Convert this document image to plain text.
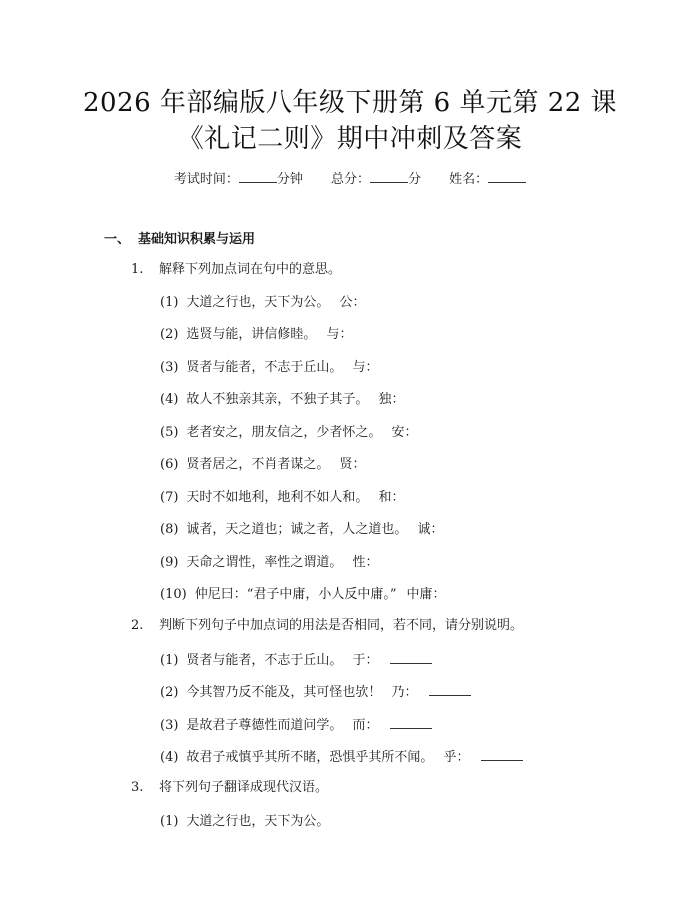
2026 年部编版八年级下册第 6 单元第 22 课
《礼记二则》期中冲刺及答案
考试时间：	分钟 总分：	分 姓名：
一、 基础知识积累与运用
1. 解释下列加点词在句中的意思。
(1) 大道之行也，天下为公。 公：
(2) 选贤与能，讲信修睦。 与：
(3) 贤者与能者，不志于丘山。 与：
(4) 故人不独亲其亲，不独子其子。 独：
(5) 老者安之，朋友信之，少者怀之。 安：
(6) 贤者居之，不肖者谋之。 贤：
(7) 天时不如地利，地利不如人和。 和：
(8) 诚者，天之道也；诚之者，人之道也。 诚：
(9) 天命之谓性，率性之谓道。 性：
(10) 仲尼曰：“君子中庸，小人反中庸。” 中庸：
2. 判断下列句子中加点词的用法是否相同，若不同，请分别说明。
(1) 贤者与能者，不志于丘山。 于：
(2) 今其智乃反不能及，其可怪也欤！ 乃：
(3) 是故君子尊德性而道问学。 而：
(4) 故君子戒慎乎其所不睹，恐惧乎其所不闻。 乎：
3. 将下列句子翻译成现代汉语。
(1) 大道之行也，天下为公。
